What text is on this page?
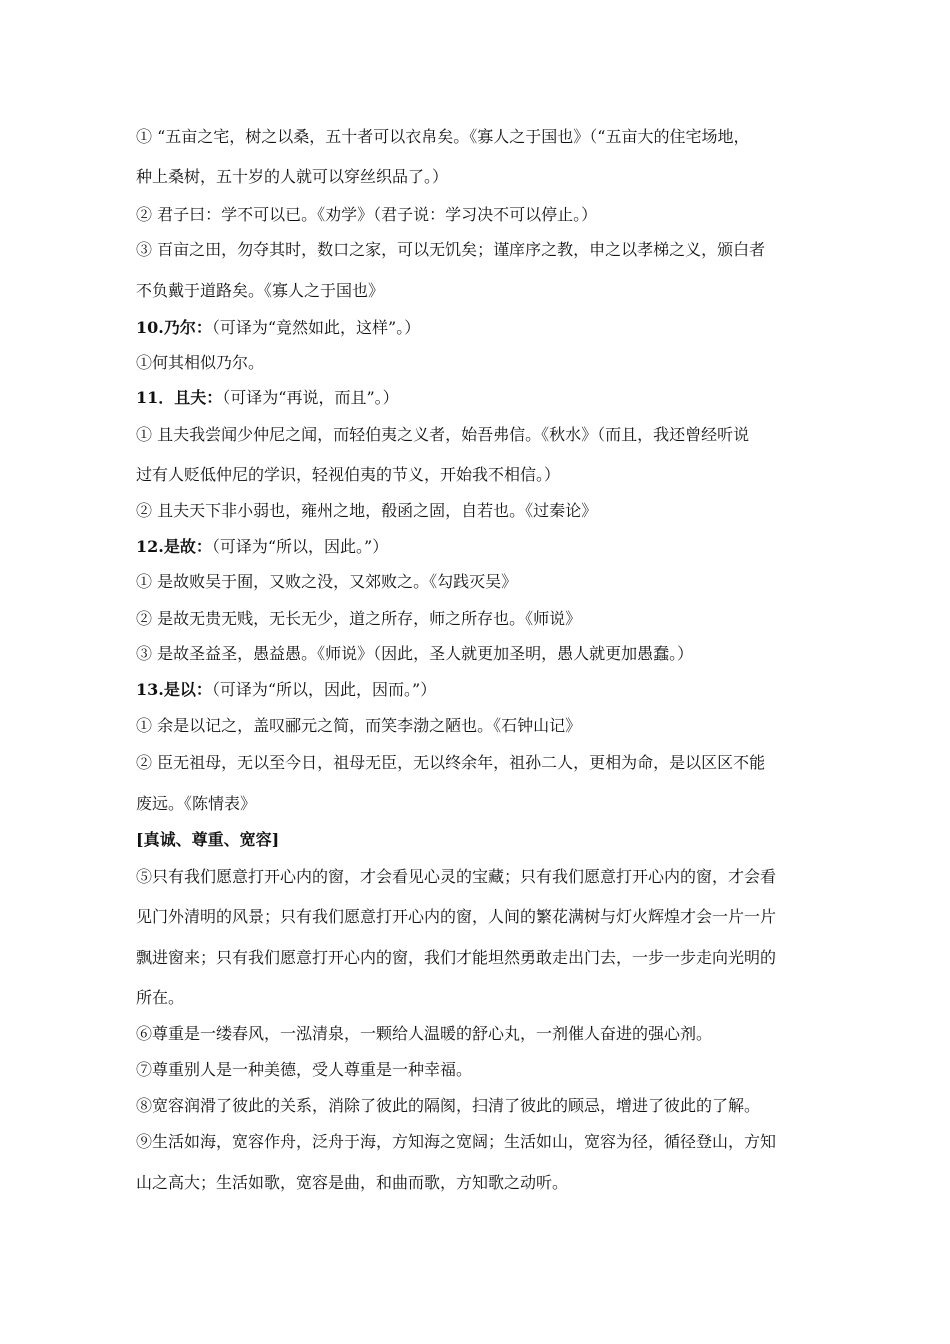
① “五亩之宅，树之以桑，五十者可以衣帛矣。《寡人之于国也》（“五亩大的住宅场地，
种上桑树，五十岁的人就可以穿丝织品了。）
② 君子曰：学不可以已。《劝学》（君子说：学习决不可以停止。）
③ 百亩之田，勿夺其时，数口之家，可以无饥矣；谨庠序之教，申之以孝梯之义，颁白者
不负戴于道路矣。《寡人之于国也》
10.乃尔：（可译为“竟然如此，这样”。）
①何其相似乃尔。
11．且夫：（可译为“再说，而且”。）
① 且夫我尝闻少仲尼之闻，而轻伯夷之义者，始吾弗信。《秋水》（而且，我还曾经听说
过有人贬低仲尼的学识，轻视伯夷的节义，开始我不相信。）
② 且夫天下非小弱也，雍州之地，殽函之固，自若也。《过秦论》
12.是故：（可译为“所以，因此。”）
① 是故败吴于囿，又败之没，又郊败之。《勾践灭吴》
② 是故无贵无贱，无长无少，道之所存，师之所存也。《师说》
③ 是故圣益圣，愚益愚。《师说》（因此，圣人就更加圣明，愚人就更加愚蠢。）
13.是以：（可译为“所以，因此，因而。”）
① 余是以记之，盖叹郦元之简，而笑李渤之陋也。《石钟山记》
② 臣无祖母，无以至今日，祖母无臣，无以终余年，祖孙二人，更相为命，是以区区不能
废远。《陈情表》
[真诚、尊重、宽容]
⑤只有我们愿意打开心内的窗，才会看见心灵的宝藏；只有我们愿意打开心内的窗，才会看
见门外清明的风景；只有我们愿意打开心内的窗，人间的繁花满树与灯火辉煌才会一片一片
飘进窗来；只有我们愿意打开心内的窗，我们才能坦然勇敢走出门去，一步一步走向光明的
所在。
⑥尊重是一缕春风，一泓清泉，一颗给人温暖的舒心丸，一剂催人奋进的强心剂。
⑦尊重别人是一种美德，受人尊重是一种幸福。
⑧宽容润滑了彼此的关系，消除了彼此的隔阂，扫清了彼此的顾忌，增进了彼此的了解。
⑨生活如海，宽容作舟，泛舟于海，方知海之宽阔；生活如山，宽容为径，循径登山，方知
山之高大；生活如歌，宽容是曲，和曲而歌，方知歌之动听。
